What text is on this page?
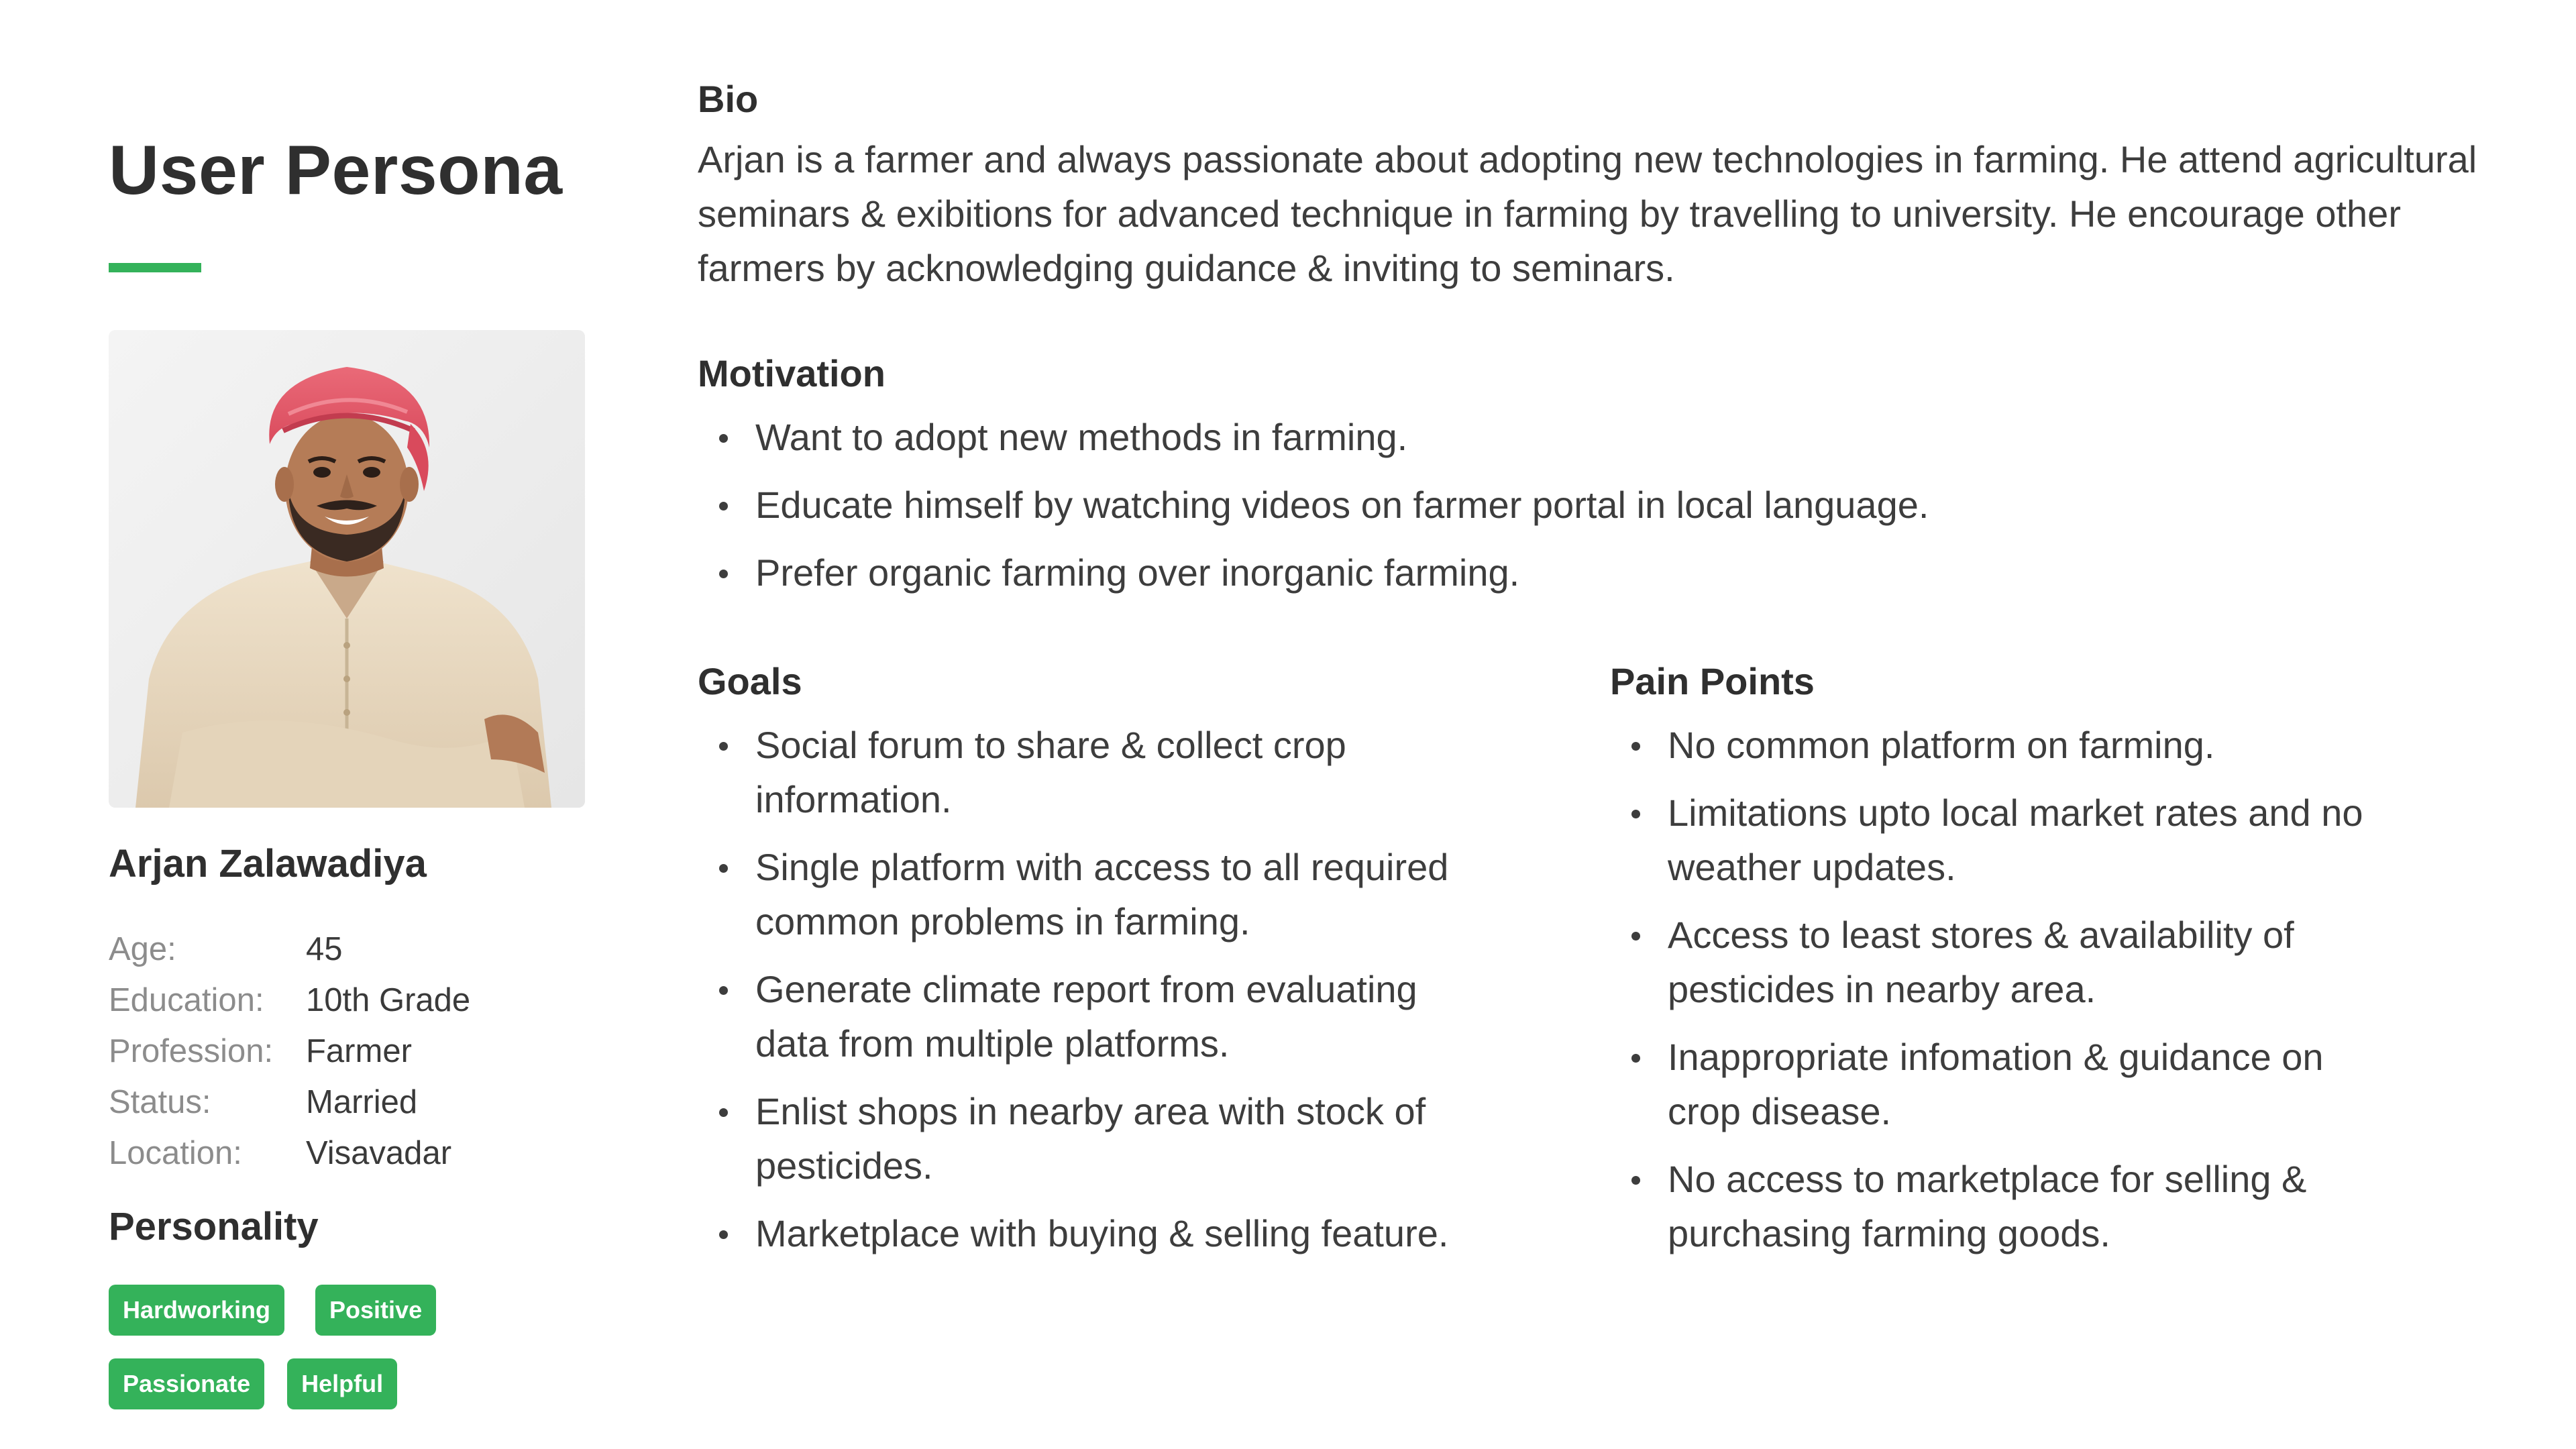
User Persona
Arjan Zalawadiya
Age:	45
Education:	10th Grade
Profession: Farmer
Status:	Married
Location:	Visavadar
Personality
Hardworking	Positive
Passionate	Helpful
Bio

Arjan is a farmer and always passionate about adopting new technologies in farming. He attend agricultural seminars & exibitions for advanced technique in farming by travelling to university. He encourage other farmers by acknowledging guidance & inviting to seminars.

Motivation
Want to adopt new methods in farming.
Educate himself by watching videos on farmer portal in local language.
Prefer organic farming over inorganic farming.
Goals
Social forum to share & collect crop information.
Single platform with access to all required common problems in farming.
Generate climate report from evaluating data from multiple platforms.
Enlist shops in nearby area with stock of pesticides.
Marketplace with buying & selling feature.
Pain Points
No common platform on farming.
Limitations upto local market rates and no weather updates.
Access to least stores & availability of pesticides in nearby area.
Inappropriate infomation & guidance on crop disease.
No access to marketplace for selling & purchasing farming goods.
